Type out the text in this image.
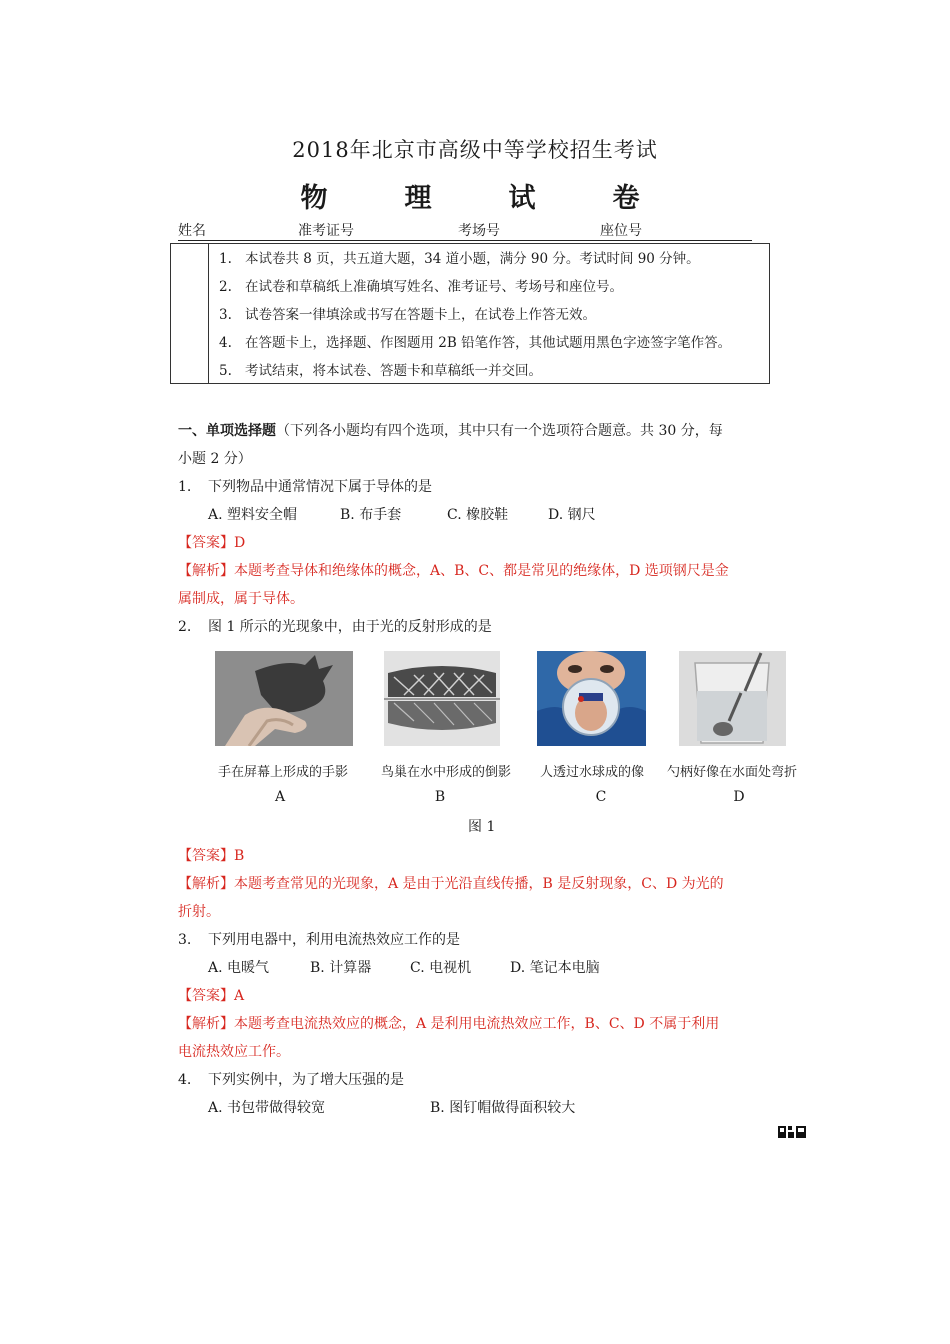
2018年北京市高级中等学校招生考试
物	理	试	卷
姓名	准考证号	考场号	座位号
1. 本试卷共 8 页，共五道大题，34 道小题，满分 90 分。考试时间 90 分钟。
2. 在试卷和草稿纸上准确填写姓名、准考证号、考场号和座位号。
3. 试卷答案一律填涂或书写在答题卡上，在试卷上作答无效。
4. 在答题卡上，选择题、作图题用 2B 铅笔作答，其他试题用黑色字迹签字笔作答。
5. 考试结束，将本试卷、答题卡和草稿纸一并交回。
一、单项选择题（下列各小题均有四个选项，其中只有一个选项符合题意。共 30 分，每
小题 2 分）
1. 下列物品中通常情况下属于导体的是
A. 塑料安全帽	B. 布手套	C. 橡胶鞋	D. 钢尺
【答案】D
【解析】本题考查导体和绝缘体的概念，A、B、C、都是常见的绝缘体，D 选项钢尺是金
属制成，属于导体。
2. 图 1 所示的光现象中，由于光的反射形成的是
手在屏幕上形成的手影	鸟巢在水中形成的倒影	人透过水球成的像	勺柄好像在水面处弯折
A	B	C	D
图 1
【答案】B
【解析】本题考查常见的光现象，A 是由于光沿直线传播，B 是反射现象，C、D 为光的
折射。
3. 下列用电器中，利用电流热效应工作的是
A. 电暖气	B. 计算器	C. 电视机	D. 笔记本电脑
【答案】A
【解析】本题考查电流热效应的概念，A 是利用电流热效应工作，B、C、D 不属于利用
电流热效应工作。
4. 下列实例中，为了增大压强的是
A. 书包带做得较宽	B. 图钉帽做得面积较大
